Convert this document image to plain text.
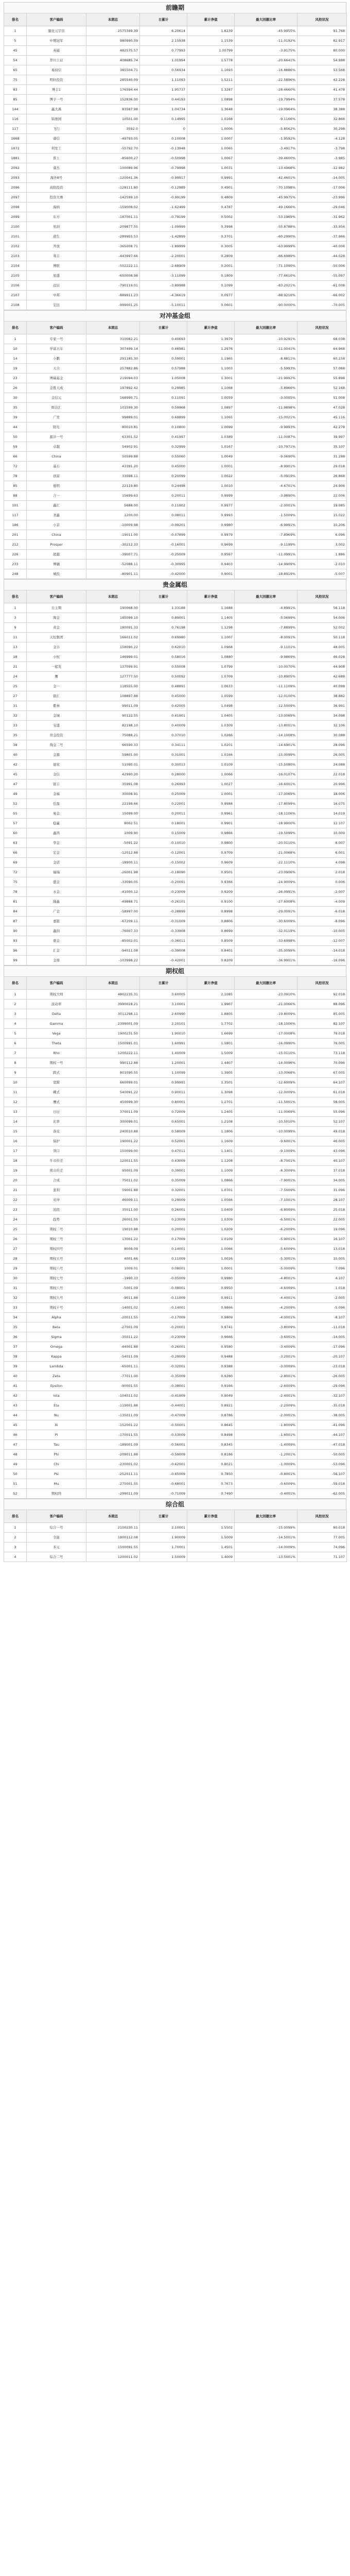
前瞻期
排名	客户编码	本期总	日累计	累计净值	最大回撤比率	风控状况
1	量化元宇宙	2575349.39	6.20614	1.6239	-45.9955%	91.768
5	中期冠军	980990.59	2.15938	1.1539	-11.0192%	82.917
45	英磁	482575.57	0.77993	1.00799	-3.9175%	80.000
54	华川上证	408685.74	1.01994	1.5778	-20.6641%	54.988
65	易持信	385504.71	0.56934	1.1693	-16.8886%	53.568
75	明轩投资	285540.09	1.11093	1.5211	-22.5896%	42.228
83	博丰1	176594.44	1.95737	1.3287	-28.4660%	41.478
85	博子一号	152836.00	0.44193	1.0898	-19.7994%	37.578
144	鑫大禹	83587.98	1.04734	1.3648	-19.0964%	38.388
116	锦奥园	10501.00	0.14995	1.0168	-9.1166%	32.866
117	飞行	3592.0	0	1.0006	-5.8562%	30.298
1668	睿信	-49793.05	0.10008	1.0007	-1.9592%	-4.128
1672	利发工	-55792.70	-0.13948	1.0065	-3.4917%	-3.798
1881	淮上	-85600.27	-0.50998	1.0067	-39.4600%	-3.985
2092	睿杰	-100089.96	-0.79998	1.0031	-13.4968%	-12.982
2093	海外8号	-120041.36	-0.99917	0.9991	-42.4601%	-14.005
2096	高阳投资	-128111.80	-0.12989	0.4901	-70.1098%	-17.006
2097	投资大赛	-142599.10	-0.99199	0.4809	-45.9975%	-23.996
2098	海纳	-159008.02	-1.62499	0.4787	-49.1666%	-29.046
2099	东方	-187001.11	-0.79199	0.5002	-53.1969%	-31.962
2100	星润	-209877.55	-1.09999	0.3998	-55.8788%	-33.956
2101	道生	-289955.53	-1.42899	0.3701	-60.2990%	-37.966
2102	开放	-365008.71	-1.89999	0.3005	-63.9999%	-40.006
2103	利丰	-443997.66	-2.20001	0.2809	-66.6989%	-44.028
2104	博联	-502222.11	-2.68909	0.2001	-71.1090%	-50.006
2105	星盛	-650008.98	-3.11099	0.1809	-77.6610%	-55.097
2106	远辰	-790119.01	-3.89988	0.1099	-83.2021%	-61.008
2107	中邦	-889911.23	-4.36619	0.0977	-88.9210%	-66.002
2108	宏远	-999001.25	-5.10011	0.0601	-90.0000%	-70.005
对冲基金组
排名	客户编码	本期总	日累计	累计净值	最大回撤比率	风控状况
1	专家一号	310082.21	0.40693	1.3979	-10.9291%	68.038
10	学富五车	307499.14	0.46981	1.2976	-11.0041%	64.968
14	小鹏	291185.30	0.59001	1.1965	-8.8811%	60.158
19	天合	257882.86	0.57988	1.1003	-5.5993%	57.068
23	博瑞基金	219094.03	1.05008	1.3001	-21.9992%	55.898
26	金胜天成	197892.42	0.29985	1.1068	-5.8966%	52.168
30	金信元	168990.71	0.11091	1.0059	-3.0005%	51.008
35	晖达汇	101599.30	0.59968	1.0897	-11.9898%	47.028
39	广发	99889.01	0.69899	1.1065	-15.0021%	45.116
44	阳光	80010.81	0.10800	1.0099	-9.9993%	42.278
50	源沣一号	63301.52	0.41997	1.0389	-11.0087%	39.997
59	卓越	54902.91	0.32999	1.0167	-10.7971%	35.107
66	China	50599.88	0.55060	1.0049	-9.0690%	31.288
72	基石	43391.20	0.45000	1.0001	-8.9901%	29.018
78	创富	33098.11	0.20099	1.0022	-5.0919%	26.868
85	德明	22119.80	0.24498	1.0010	-4.6701%	24.906
88	合一	15699.63	0.20011	0.9999	-3.9890%	22.006
101	鑫汇	5688.00	0.11002	0.9977	-2.0001%	19.085
117	圣鑫	1200.00	0.08011	0.9993	-1.5009%	15.022
186	小京	-10009.98	-0.09201	0.9980	-6.9991%	10.206
201	China	-19011.00	-0.07899	0.9979	-7.8969%	6.096
212	Prosper	-30212.33	-0.16001	0.9699	-9.1199%	3.002
226	超越	-39007.71	-0.25009	0.9567	-11.0991%	1.886
233	博融	-52088.11	-0.30995	0.9403	-14.9909%	-2.010
248	城投	-80901.11	-0.42000	0.9001	-18.8919%	-5.007
贵金属组
排名	客户编码	本期总	日累计	累计净值	最大回撤比率	风控状况
1	自主期	190068.00	1.33188	1.1688	-4.8991%	56.118
3	淘金	185099.10	0.89001	1.1405	-5.0699%	54.006
9	黄金	180091.33	0.76198	1.1298	-7.8899%	52.002
11	天恒集团	166011.02	0.69980	1.1007	-8.0091%	50.118
13	金谷	158090.22	0.62010	1.0968	-9.1101%	48.005
18	小恒	146999.01	0.58016	1.0880	-9.9869%	46.028
21	一起发	137099.91	0.55008	1.0799	-10.0070%	44.908
24	鹰	127777.50	0.50092	1.0709	-10.8905%	42.688
25	金一	118555.00	0.48891	1.0633	-11.1109%	40.098
27	银汇	108897.88	0.45000	1.0599	-12.0100%	38.882
31	紫林	99011.09	0.42005	1.0498	-12.5009%	36.991
32	金城	90122.55	0.41001	1.0405	-13.0069%	34.098
33	宝盛	82198.10	0.40009	1.0309	-13.8001%	32.106
35	贵金投资	75088.21	0.37010	1.0266	-14.1008%	30.088
38	淘金二号	66590.33	0.34111	1.0201	-14.6901%	28.096
40	金源	59801.00	0.31001	1.0166	-15.0099%	26.005
42	德荣	51090.01	0.30013	1.0109	-15.5080%	24.088
45	金信	42990.20	0.28000	1.0066	-16.0107%	22.018
47	银丰	35991.08	0.26993	1.0027	-16.6001%	20.996
49	金福	30008.91	0.25009	1.0001	-17.0069%	18.006
52	佳盈	22199.66	0.22001	0.9988	-17.8099%	16.075
55	易金	15099.00	0.20011	0.9961	-18.1106%	14.019
57	稳赢	8002.51	0.18001	0.9901	-18.9900%	12.107
60	鑫鸿	1009.90	0.15009	0.9866	-19.5099%	10.009
63	华金	-5091.22	-0.10010	0.9800	-20.0110%	8.007
66	宏金	-12012.88	-0.12001	0.9709	-21.0068%	6.001
69	金诺	-18900.11	-0.15002	0.9609	-22.1110%	4.098
72	福瑞	-26001.98	-0.18090	0.9501	-23.0906%	2.018
75	盛金	-33090.05	-0.20091	0.9366	-24.9009%	0.006
78	永金	-41000.12	-0.23009	0.9209	-26.0991%	-2.007
81	隆鑫	-49888.71	-0.26101	0.9100	-27.6008%	-4.009
84	广金	-58997.00	-0.28899	0.8998	-29.0091%	-6.018
87	嘉银	-67209.11	-0.31009	0.8806	-30.6009%	-8.096
90	鑫润	-76007.33	-0.33908	0.8699	-32.0119%	-10.005
93	鼎金	-85002.01	-0.36011	0.8509	-33.6998%	-12.007
96	汇金	-94011.08	-0.39008	0.8401	-35.0099%	-14.018
99	金鼎	-103998.22	-0.42001	0.8209	-36.9901%	-16.096
期权组
排名	客户编码	本期总	日累计	累计净值	最大回撤比率	风控状况
1	期权大师	4802235.31	3.60005	2.1085	-23.0910%	92.018
2	波动率	3990018.21	3.10001	1.9907	-21.0066%	88.096
3	Delta	3011298.11	2.60990	1.8805	-19.8009%	85.005
4	Gamma	2399001.09	2.20101	1.7702	-18.1006%	82.107
5	Vega	1900231.50	1.90010	1.6699	-17.0008%	79.018
6	Theta	1500991.01	1.60991	1.5801	-16.0990%	76.005
7	Rho	1200222.11	1.40009	1.5009	-15.0110%	73.118
8	期权一号	990112.88	1.20001	1.4407	-14.0096%	70.096
9	跨式	801090.55	1.10099	1.3905	-13.0068%	67.005
10	宽跨	660099.01	0.99991	1.3501	-12.6009%	64.107
11	蝶式	540091.22	0.90011	1.3098	-12.0009%	61.018
12	鹰式	450099.30	0.80001	1.2701	-11.5001%	58.005
13	日历	370011.09	0.72009	1.2405	-11.0069%	55.096
14	比率	300099.01	0.65001	1.2108	-10.5010%	52.107
15	备兑	240010.88	0.58009	1.1806	-10.0099%	49.018
16	保护	190001.22	0.52001	1.1609	-9.6001%	46.005
17	领口	150099.00	0.47011	1.1401	-9.1009%	43.096
18	牛市价差	120011.55	0.43009	1.1208	-8.7001%	40.107
19	熊市价差	95001.09	0.39001	1.1009	-8.3009%	37.018
20	合成	75011.02	0.35009	1.0866	-7.9001%	34.005
21	套利	59001.88	0.32001	1.0701	-7.5009%	31.096
22	对冲	46009.11	0.29009	1.0566	-7.1001%	28.107
23	波段	35011.00	0.26001	1.0409	-6.8009%	25.018
24	趋势	26001.55	0.23009	1.0309	-6.5001%	22.005
25	期权二号	19010.88	0.20001	1.0209	-6.2009%	19.096
26	期权三号	13001.22	0.17009	1.0109	-5.9001%	16.107
27	期权四号	8009.09	0.14001	1.0066	-5.6009%	13.018
28	期权五号	4001.66	0.11009	1.0026	-5.3001%	10.005
29	期权六号	1009.01	0.08001	1.0001	-5.0009%	7.096
30	期权七号	-1990.33	-0.05009	0.9980	-4.8001%	4.107
31	期权八号	-5001.09	-0.08001	0.9950	-4.6009%	1.018
32	期权九号	-9011.88	-0.11009	0.9911	-4.4001%	-2.005
33	期权十号	-14001.02	-0.14001	0.9866	-4.2009%	-5.096
34	Alpha	-20011.55	-0.17009	0.9809	-4.0001%	-8.107
35	Beta	-27001.09	-0.20001	0.9741	-3.8009%	-11.018
36	Sigma	-35011.22	-0.23009	0.9666	-3.6001%	-14.005
37	Omega	-44001.88	-0.26001	0.9580	-3.4009%	-17.096
38	Kappa	-54011.09	-0.29009	0.9488	-3.2001%	-20.107
39	Lambda	-65001.11	-0.32001	0.9388	-3.0009%	-23.018
40	Zeta	-77011.00	-0.35009	0.9280	-2.8001%	-26.005
41	Epsilon	-90001.55	-0.38001	0.9166	-2.6009%	-29.096
42	Iota	-104011.02	-0.41009	0.9049	-2.4001%	-32.107
43	Eta	-119001.88	-0.44001	0.8921	-2.2009%	-35.018
44	Nu	-135011.09	-0.47009	0.8786	-2.0001%	-38.005
45	Xi	-152001.22	-0.50001	0.8645	-1.8009%	-41.096
46	Pi	-170011.55	-0.53009	0.8498	-1.6001%	-44.107
47	Tau	-189001.09	-0.56001	0.8345	-1.4009%	-47.018
48	Phi	-209011.88	-0.59009	0.8186	-1.2001%	-50.005
49	Chi	-230001.02	-0.62001	0.8021	-1.0009%	-53.096
50	Psi	-252011.11	-0.65009	0.7850	-0.8001%	-56.107
51	Mu	-275001.55	-0.68001	0.7673	-0.6009%	-59.018
52	期权终	-299011.09	-0.71009	0.7490	-0.4001%	-62.005
综合组
排名	客户编码	本期总	日累计	累计净值	最大回撤比率	风控状况
1	综合一号	2100230.11	2.10001	1.5502	-15.0099%	80.018
2	全能	1800112.08	1.90009	1.5009	-14.5001%	77.005
3	多元	1500091.55	1.70001	1.4501	-14.0009%	74.096
4	综合二号	1200011.02	1.50009	1.4009	-13.5001%	71.107
